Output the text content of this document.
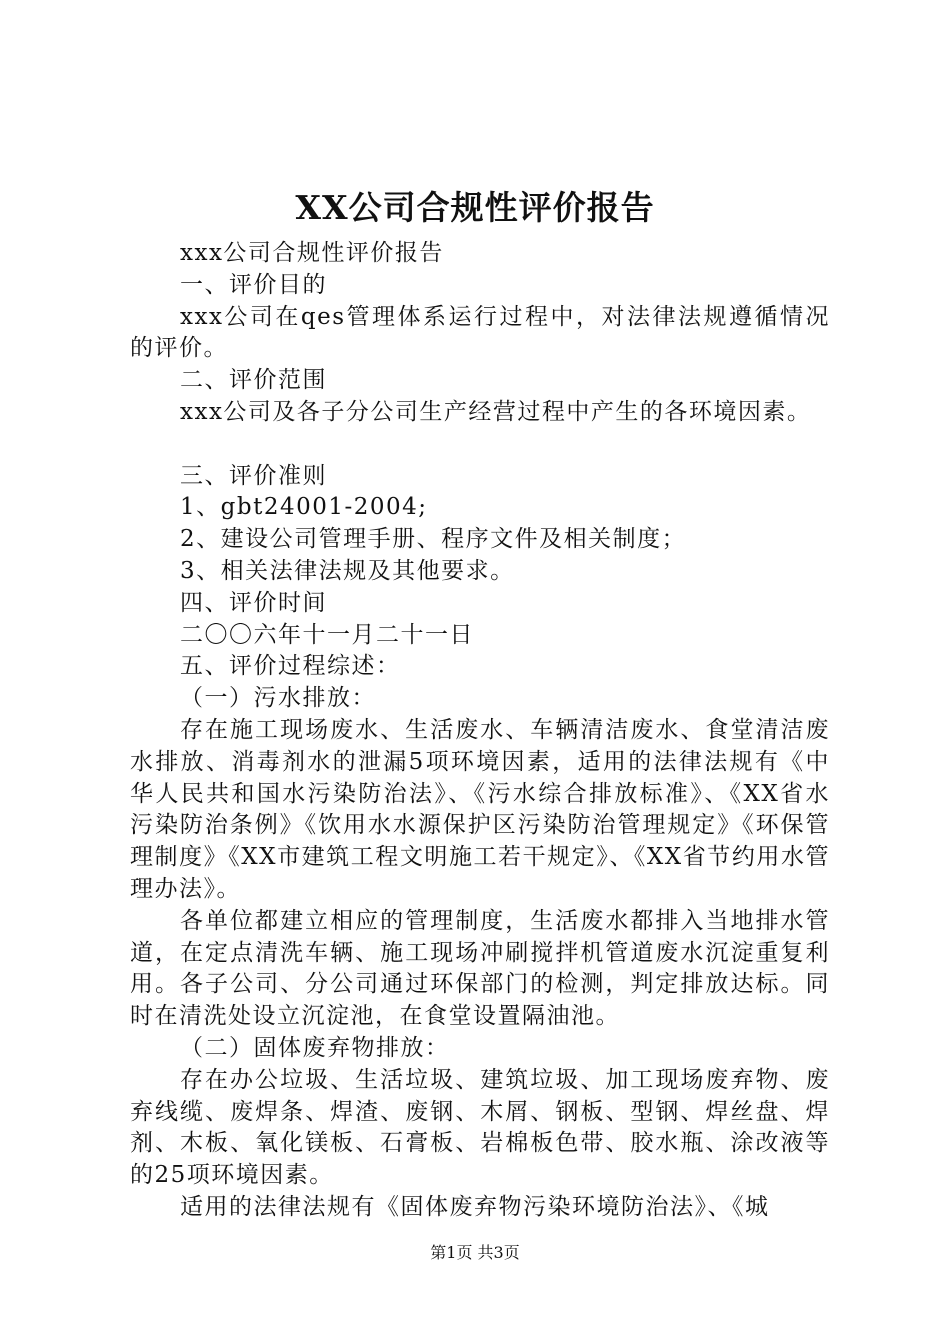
XX公司合规性评价报告

xxx公司合规性评价报告

一、评价目的

xxx公司在qes管理体系运行过程中，对法律法规遵循情况的评价。

二、评价范围

xxx公司及各子分公司生产经营过程中产生的各环境因素。

三、评价准则

1、gbt24001-2004;

2、建设公司管理手册、程序文件及相关制度；

3、相关法律法规及其他要求。

四、评价时间

二〇〇六年十一月二十一日

五、评价过程综述：

（一）污水排放：

存在施工现场废水、生活废水、车辆清洁废水、食堂清洁废水排放、消毒剂水的泄漏5项环境因素，适用的法律法规有《中华人民共和国水污染防治法》、《污水综合排放标准》、《XX省水污染防治条例》《饮用水水源保护区污染防治管理规定》《环保管理制度》《XX市建筑工程文明施工若干规定》、《XX省节约用水管理办法》。

各单位都建立相应的管理制度，生活废水都排入当地排水管道，在定点清洗车辆、施工现场冲刷搅拌机管道废水沉淀重复利用。各子公司、分公司通过环保部门的检测，判定排放达标。同时在清洗处设立沉淀池，在食堂设置隔油池。

（二）固体废弃物排放：

存在办公垃圾、生活垃圾、建筑垃圾、加工现场废弃物、废弃线缆、废焊条、焊渣、废钢、木屑、钢板、型钢、焊丝盘、焊剂、木板、氧化镁板、石膏板、岩棉板色带、胶水瓶、涂改液等的25项环境因素。

适用的法律法规有《固体废弃物污染环境防治法》、《城

第1页 共3页
